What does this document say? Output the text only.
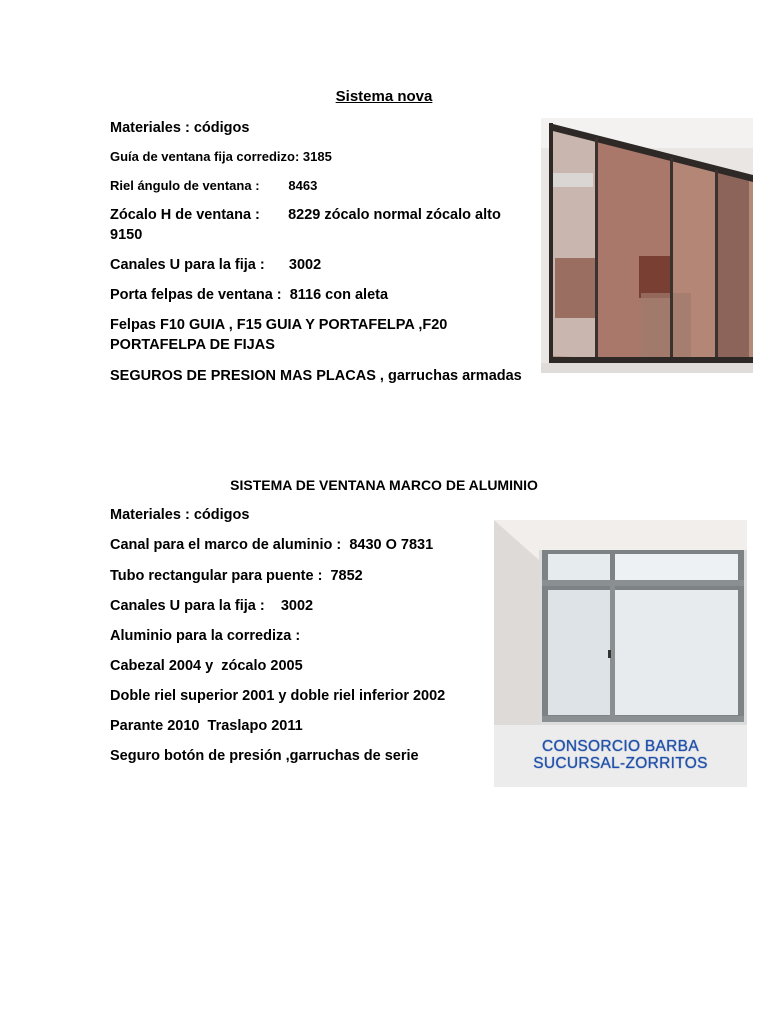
Sistema nova
Materiales : códigos
Guía de ventana fija corredizo: 3185
Riel ángulo de ventana :        8463
Zócalo H de ventana :       8229 zócalo normal zócalo alto 9150
Canales U para la fija :      3002
Porta felpas de ventana :  8116 con aleta
Felpas F10 GUIA , F15 GUIA Y PORTAFELPA ,F20 PORTAFELPA DE FIJAS
SEGUROS DE PRESION MAS PLACAS , garruchas armadas
SISTEMA DE VENTANA MARCO DE ALUMINIO
Materiales : códigos
Canal para el marco de aluminio :  8430 O 7831
Tubo rectangular para puente :  7852
Canales U para la fija :    3002
Aluminio para la corrediza :
Cabezal 2004 y  zócalo 2005
Doble riel superior 2001 y doble riel inferior 2002
Parante 2010  Traslapo 2011
Seguro botón de presión ,garruchas de serie
CONSORCIO BARBA
SUCURSAL-ZORRITOS
